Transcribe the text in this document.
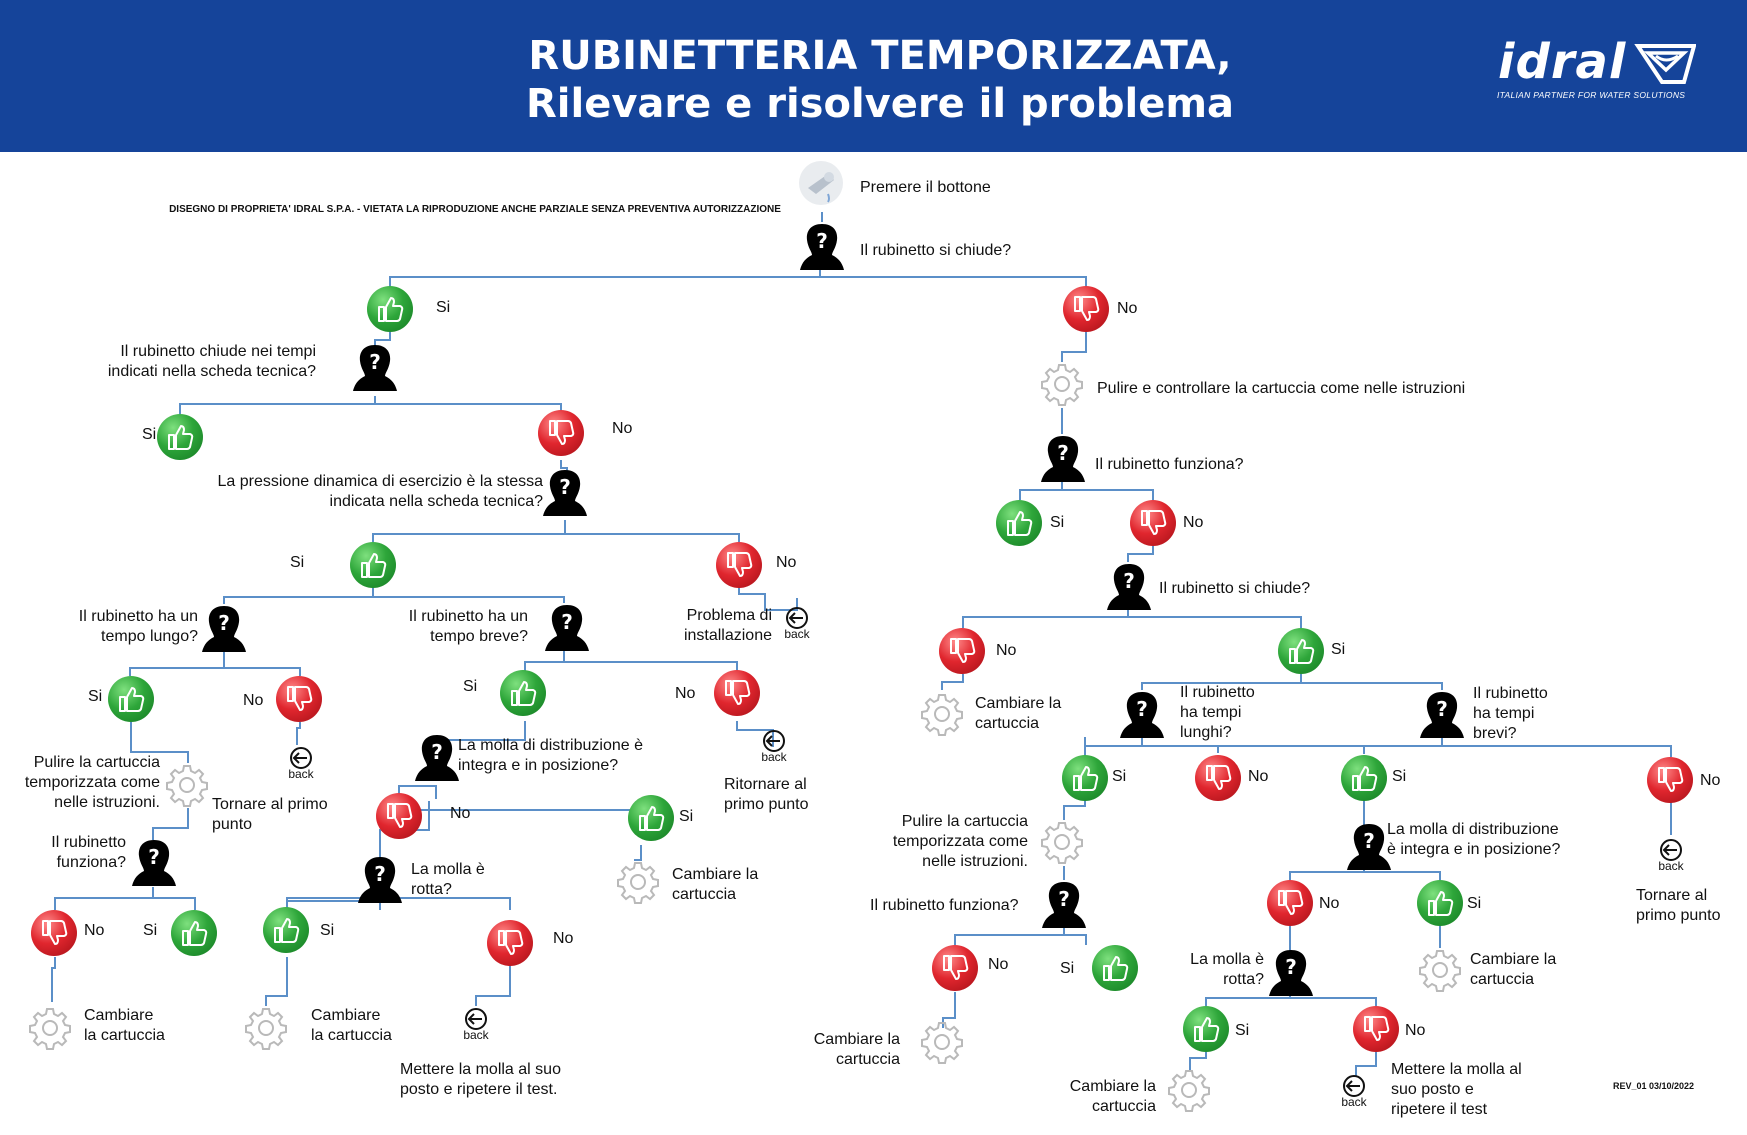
RUBINETTERIA TEMPORIZZATA,
Rilevare e risolvere il problema
idral
ITALIAN PARTNER FOR WATER SOLUTIONS
DISEGNO DI PROPRIETA' IDRAL S.P.A. - VIETATA LA RIPRODUZIONE ANCHE PARZIALE SENZA PREVENTIVA AUTORIZZAZIONE
REV_01 03/10/2022
?
?
?
?	?
?
?
?
?
?
?	?
?
?
?
back
back
back
back
back
back
Premere il bottone
Il rubinetto si chiude?
Si	No
Il rubinetto chiude nei tempi
indicati nella scheda tecnica?
Pulire e controllare la cartuccia come nelle istruzioni
Si	No
Il rubinetto funziona?
La pressione dinamica di esercizio è la stessa
indicata nella scheda tecnica?
Si	No
Si	No
Il rubinetto si chiude?
Il rubinetto ha un
tempo lungo?
Il rubinetto ha un
tempo breve?
Problema di
installazione
No	Si
Cambiare la
cartuccia
Il rubinetto
ha tempi
lunghi?
Il rubinetto
ha tempi
brevi?
Si	No
Si	No
Pulire la cartuccia
temporizzata come
nelle istruzioni.	Tornare al primo
punto
La molla di distribuzione è
integra e in posizione?
Ritornare al
primo punto
Si	No	Si	No
Il rubinetto
funziona?
No	Si
La molla è
rotta?
Cambiare la
cartuccia
Pulire la cartuccia
temporizzata come
nelle istruzioni.
La molla di distribuzione
è integra e in posizione?
Tornare al
primo punto
No Si	Si	No
Il rubinetto funziona?
No	Si
Cambiare
la cartuccia
Cambiare
la cartuccia
Mettere la molla al suo
posto e ripetere il test.
No	Si
La molla è
rotta?
Cambiare la
cartuccia
Cambiare la
cartuccia
Si	No
Cambiare la
cartuccia
Mettere la molla al
suo posto e
ripetere il test
